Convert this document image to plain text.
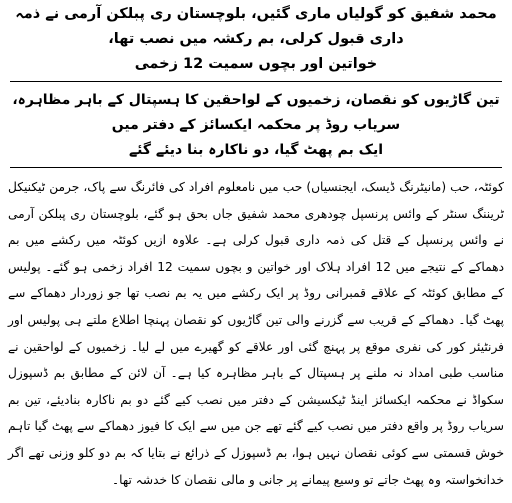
محمد شفیق کو گولیاں ماری گئیں، بلوچستان ری پبلکن آرمی نے ذمہ داری قبول کرلی، بم رکشہ میں نصب تھا،
خواتین اور بچوں سمیت 12 زخمی
تین گاڑیوں کو نقصان، زخمیوں کے لواحقین کا ہسپتال کے باہر مظاہرہ، سریاب روڈ پر محکمہ ایکسائز کے دفتر میں
ایک بم پھٹ گیا، دو ناکارہ بنا دیئے گئے

کوئٹہ، حب (مانیٹرنگ ڈیسک، ایجنسیاں) حب میں نامعلوم افراد کی فائرنگ سے پاک، جرمن ٹیکنیکل ٹریننگ سنٹر کے وائس پرنسپل چودھری محمد شفیق جاں بحق ہو گئے، بلوچستان ری پبلکن آرمی نے وائس پرنسپل کے قتل کی ذمہ داری قبول کرلی ہے۔ علاوہ ازیں کوئٹہ میں رکشے میں بم دھماکے کے نتیجے میں 12 افراد ہلاک اور خواتین و بچوں سمیت 12 افراد زخمی ہو گئے۔ پولیس کے مطابق کوئٹہ کے علاقے قمبرانی روڈ پر ایک رکشے میں یہ بم نصب تھا جو زوردار دھماکے سے پھٹ گیا۔ دھماکے کے قریب سے گزرنے والی تین گاڑیوں کو نقصان پہنچا اطلاع ملتے ہی پولیس اور فرنٹیئر کور کی نفری موقع پر پہنچ گئی اور علاقے کو گھیرے میں لے لیا۔ زخمیوں کے لواحقین نے مناسب طبی امداد نہ ملنے پر ہسپتال کے باہر مظاہرہ کیا ہے۔ آن لائن کے مطابق بم ڈسپوزل سکواڈ نے محکمہ ایکسائز اینڈ ٹیکسیشن کے دفتر میں نصب کیے گئے دو بم ناکارہ بنادیئے، تین بم سریاب روڈ پر واقع دفتر میں نصب کیے گئے تھے جن میں سے ایک کا فیوز دھماکے سے پھٹ گیا تاہم خوش قسمتی سے کوئی نقصان نہیں ہوا، بم ڈسپوزل کے ذرائع نے بتایا کہ بم دو کلو وزنی تھے اگر خدانخواستہ وہ پھٹ جاتے تو وسیع پیمانے پر جانی و مالی نقصان کا خدشہ تھا۔
